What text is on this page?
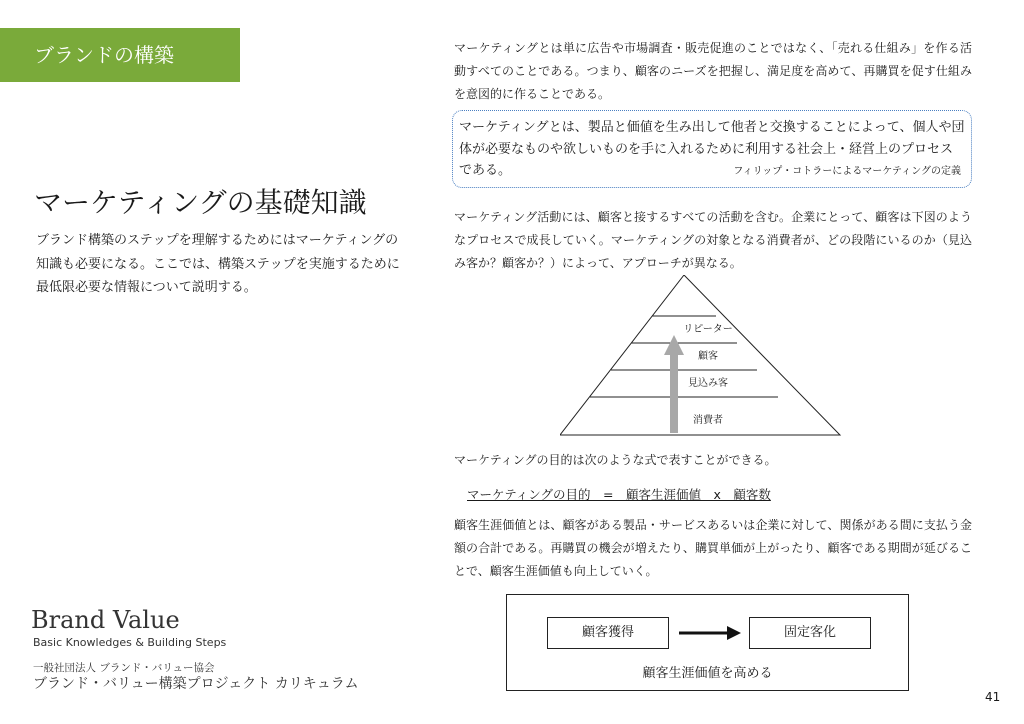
ブランドの構築
マーケティングの基礎知識
ブランド構築のステップを理解するためにはマーケティングの知識も必要になる。ここでは、構築ステップを実施するために最低限必要な情報について説明する。
マーケティングとは単に広告や市場調査・販売促進のことではなく、「売れる仕組み」を作る活動すべてのことである。つまり、顧客のニーズを把握し、満足度を高めて、再購買を促す仕組みを意図的に作ることである。
マーケティングとは、製品と価値を生み出して他者と交換することによって、個人や団体が必要なものや欲しいものを手に入れるために利用する社会上・経営上のプロセスである。	フィリップ・コトラーによるマーケティングの定義
マーケティング活動には、顧客と接するすべての活動を含む。企業にとって、顧客は下図のようなプロセスで成長していく。マーケティングの対象となる消費者が、どの段階にいるのか（見込み客か？顧客か？）によって、アプローチが異なる。
リピーター
顧客
見込み客
消費者
マーケティングの目的は次のような式で表すことができる。
マーケティングの目的　=　顧客生涯価値　x　顧客数
顧客生涯価値とは、顧客がある製品・サービスあるいは企業に対して、関係がある間に支払う金額の合計である。再購買の機会が増えたり、購買単価が上がったり、顧客である期間が延びることで、顧客生涯価値も向上していく。
顧客獲得	固定客化
顧客生涯価値を高める
Brand Value
Basic Knowledges & Building Steps
一般社団法人 ブランド・バリュー協会
ブランド・バリュー構築プロジェクト カリキュラム
41
